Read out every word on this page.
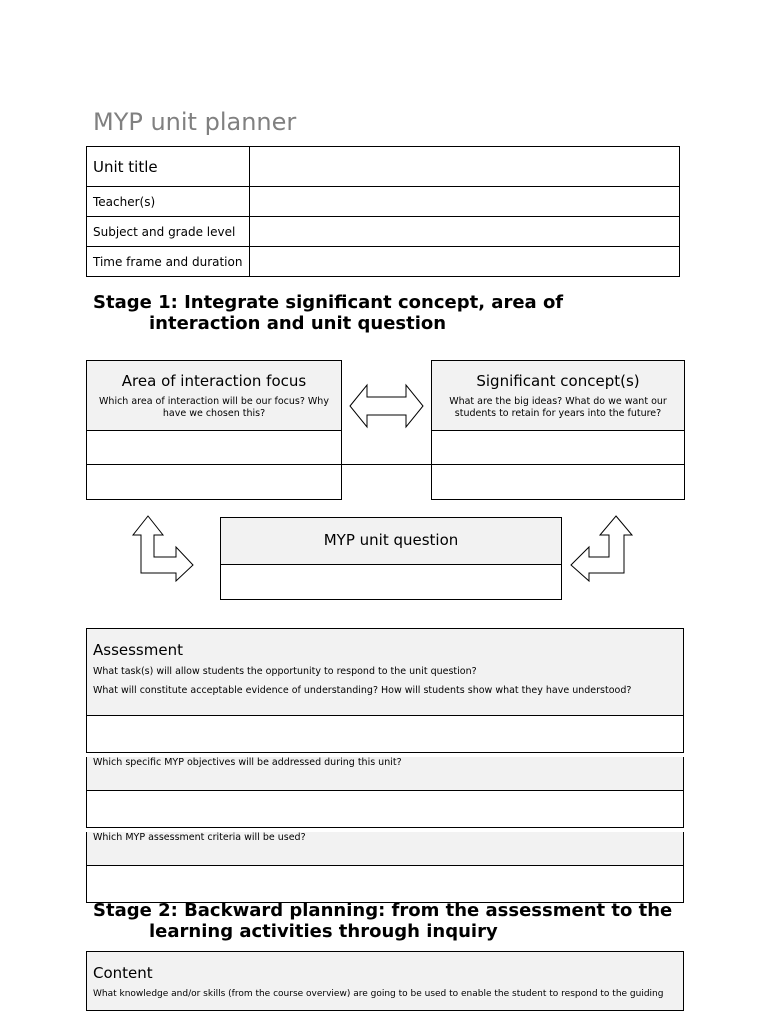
MYP unit planner
Unit title	
Teacher(s)	
Subject and grade level	
Time frame and duration	
Stage 1: Integrate significant concept, area of
interaction and unit question
Area of interaction focus
Which area of interaction will be our focus? Why have we chosen this?
Significant concept(s)
What are the big ideas? What do we want our students to retain for years into the future?
MYP unit question
Assessment
What task(s) will allow students the opportunity to respond to the unit question?
What will constitute acceptable evidence of understanding? How will students show what they have understood?
Which specific MYP objectives will be addressed during this unit?
Which MYP assessment criteria will be used?
Stage 2: Backward planning: from the assessment to the
learning activities through inquiry
Content
What knowledge and/or skills (from the course overview) are going to be used to enable the student to respond to the guiding
